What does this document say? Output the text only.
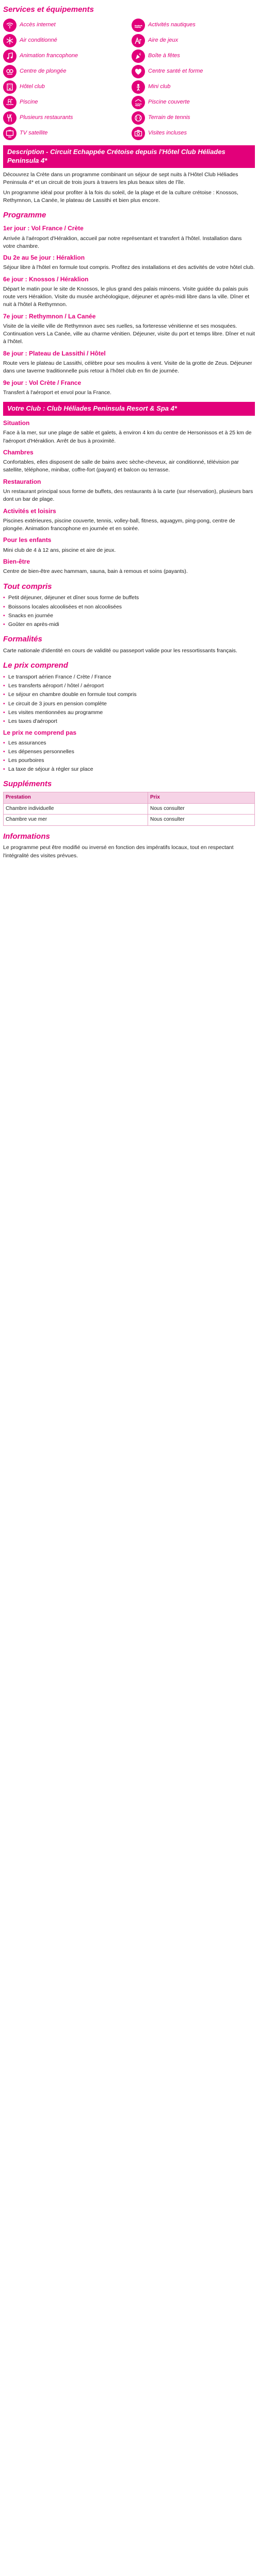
Services et équipements
Accès internet	Activités nautiques
Air conditionné	Aire de jeux
Animation francophone	Boîte à fêtes
Centre de plongée	Centre santé et forme
Hôtel club	Mini club
Piscine	Piscine couverte
Plusieurs restaurants	Terrain de tennis
TV satellite	Visites incluses
Description - Circuit Echappée Crétoise depuis l'Hôtel Club Héliades Peninsula 4*

Découvrez la Crète dans un programme combinant un séjour de sept nuits à l'Hôtel Club Héliades Peninsula 4* et un circuit de trois jours à travers les plus beaux sites de l'île.

Un programme idéal pour profiter à la fois du soleil, de la plage et de la culture crétoise : Knossos, Rethymnon, La Canée, le plateau de Lassithi et bien plus encore.

Programme
1er jour : Vol France / Crète

Arrivée à l'aéroport d'Héraklion, accueil par notre représentant et transfert à l'hôtel. Installation dans votre chambre.

Du 2e au 5e jour : Héraklion

Séjour libre à l'hôtel en formule tout compris. Profitez des installations et des activités de votre hôtel club.

6e jour : Knossos / Héraklion

Départ le matin pour le site de Knossos, le plus grand des palais minoens. Visite guidée du palais puis route vers Héraklion. Visite du musée archéologique, déjeuner et après-midi libre dans la ville. Dîner et nuit à l'hôtel à Rethymnon.

7e jour : Rethymnon / La Canée

Visite de la vieille ville de Rethymnon avec ses ruelles, sa forteresse vénitienne et ses mosquées. Continuation vers La Canée, ville au charme vénitien. Déjeuner, visite du port et temps libre. Dîner et nuit à l'hôtel.

8e jour : Plateau de Lassithi / Hôtel

Route vers le plateau de Lassithi, célèbre pour ses moulins à vent. Visite de la grotte de Zeus. Déjeuner dans une taverne traditionnelle puis retour à l'hôtel club en fin de journée.

9e jour : Vol Crète / France

Transfert à l'aéroport et envol pour la France.

Votre Club : Club Héliades Peninsula Resort & Spa 4*
Situation

Face à la mer, sur une plage de sable et galets, à environ 4 km du centre de Hersonissos et à 25 km de l'aéroport d'Héraklion. Arrêt de bus à proximité.

Chambres

Confortables, elles disposent de salle de bains avec sèche-cheveux, air conditionné, télévision par satellite, téléphone, minibar, coffre-fort (payant) et balcon ou terrasse.

Restauration

Un restaurant principal sous forme de buffets, des restaurants à la carte (sur réservation), plusieurs bars dont un bar de plage.

Activités et loisirs

Piscines extérieures, piscine couverte, tennis, volley-ball, fitness, aquagym, ping-pong, centre de plongée. Animation francophone en journée et en soirée.

Pour les enfants

Mini club de 4 à 12 ans, piscine et aire de jeux.

Bien-être

Centre de bien-être avec hammam, sauna, bain à remous et soins (payants).

Tout compris
• Petit déjeuner, déjeuner et dîner sous forme de buffets
• Boissons locales alcoolisées et non alcoolisées
• Snacks en journée
• Goûter en après-midi
Formalités

Carte nationale d'identité en cours de validité ou passeport valide pour les ressortissants français.

Le prix comprend
• Le transport aérien France / Crète / France
• Les transferts aéroport / hôtel / aéroport
• Le séjour en chambre double en formule tout compris
• Le circuit de 3 jours en pension complète
• Les visites mentionnées au programme
• Les taxes d'aéroport
Le prix ne comprend pas
• Les assurances
• Les dépenses personnelles
• Les pourboires
• La taxe de séjour à régler sur place
Suppléments
Prestation	Prix
Chambre individuelle	Nous consulter
Chambre vue mer	Nous consulter
Informations

Le programme peut être modifié ou inversé en fonction des impératifs locaux, tout en respectant l'intégralité des visites prévues.
